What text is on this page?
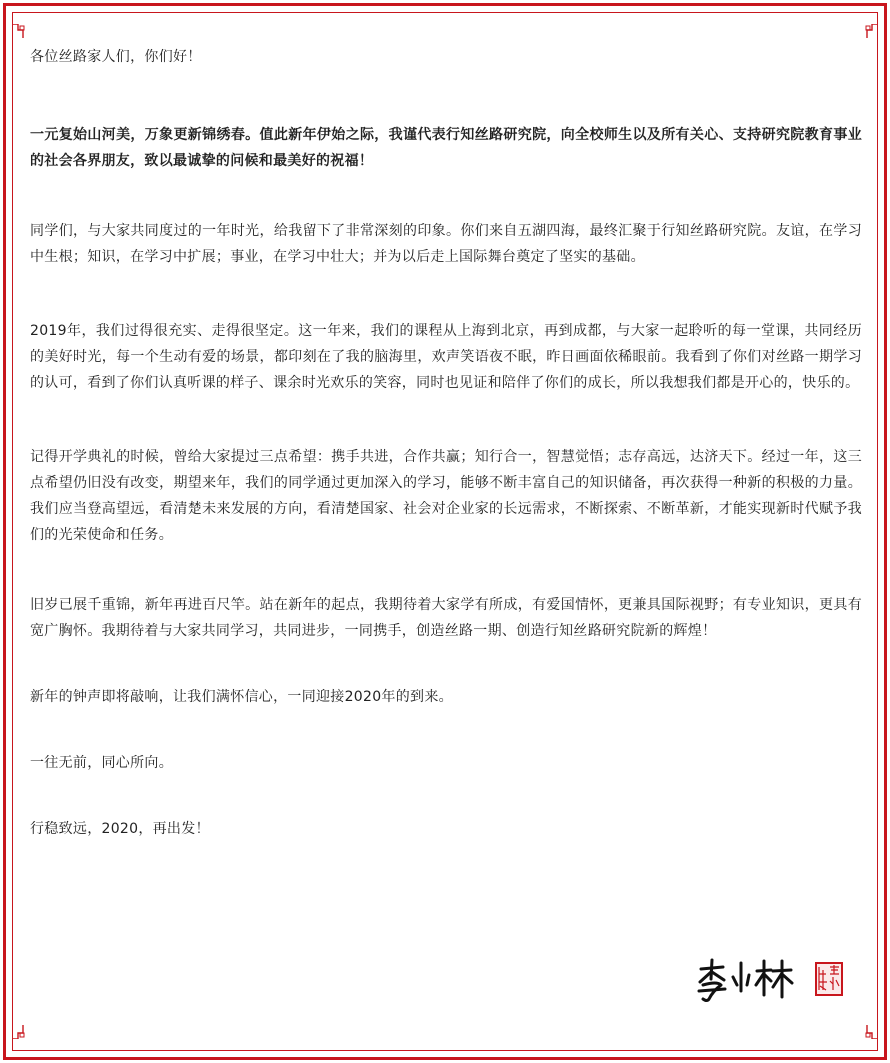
各位丝路家人们，你们好！

一元复始山河美，万象更新锦绣春。值此新年伊始之际，我谨代表行知丝路研究院，向全校师生以及所有关心、支持研究院教育事业的社会各界朋友，致以最诚挚的问候和最美好的祝福！

同学们，与大家共同度过的一年时光，给我留下了非常深刻的印象。你们来自五湖四海，最终汇聚于行知丝路研究院。友谊，在学习中生根；知识，在学习中扩展；事业，在学习中壮大；并为以后走上国际舞台奠定了坚实的基础。

2019年，我们过得很充实、走得很坚定。这一年来，我们的课程从上海到北京，再到成都，与大家一起聆听的每一堂课，共同经历的美好时光，每一个生动有爱的场景，都印刻在了我的脑海里，欢声笑语夜不眠，昨日画面依稀眼前。我看到了你们对丝路一期学习的认可，看到了你们认真听课的样子、课余时光欢乐的笑容，同时也见证和陪伴了你们的成长，所以我想我们都是开心的，快乐的。

记得开学典礼的时候，曾给大家提过三点希望：携手共进，合作共赢；知行合一，智慧觉悟；志存高远，达济天下。经过一年，这三点希望仍旧没有改变，期望来年，我们的同学通过更加深入的学习，能够不断丰富自己的知识储备，再次获得一种新的积极的力量。我们应当登高望远，看清楚未来发展的方向，看清楚国家、社会对企业家的长远需求，不断探索、不断革新，才能实现新时代赋予我们的光荣使命和任务。

旧岁已展千重锦，新年再进百尺竿。站在新年的起点，我期待着大家学有所成，有爱国情怀，更兼具国际视野；有专业知识，更具有宽广胸怀。我期待着与大家共同学习，共同进步，一同携手，创造丝路一期、创造行知丝路研究院新的辉煌！

新年的钟声即将敲响，让我们满怀信心，一同迎接2020年的到来。

一往无前，同心所向。

行稳致远，2020，再出发！
